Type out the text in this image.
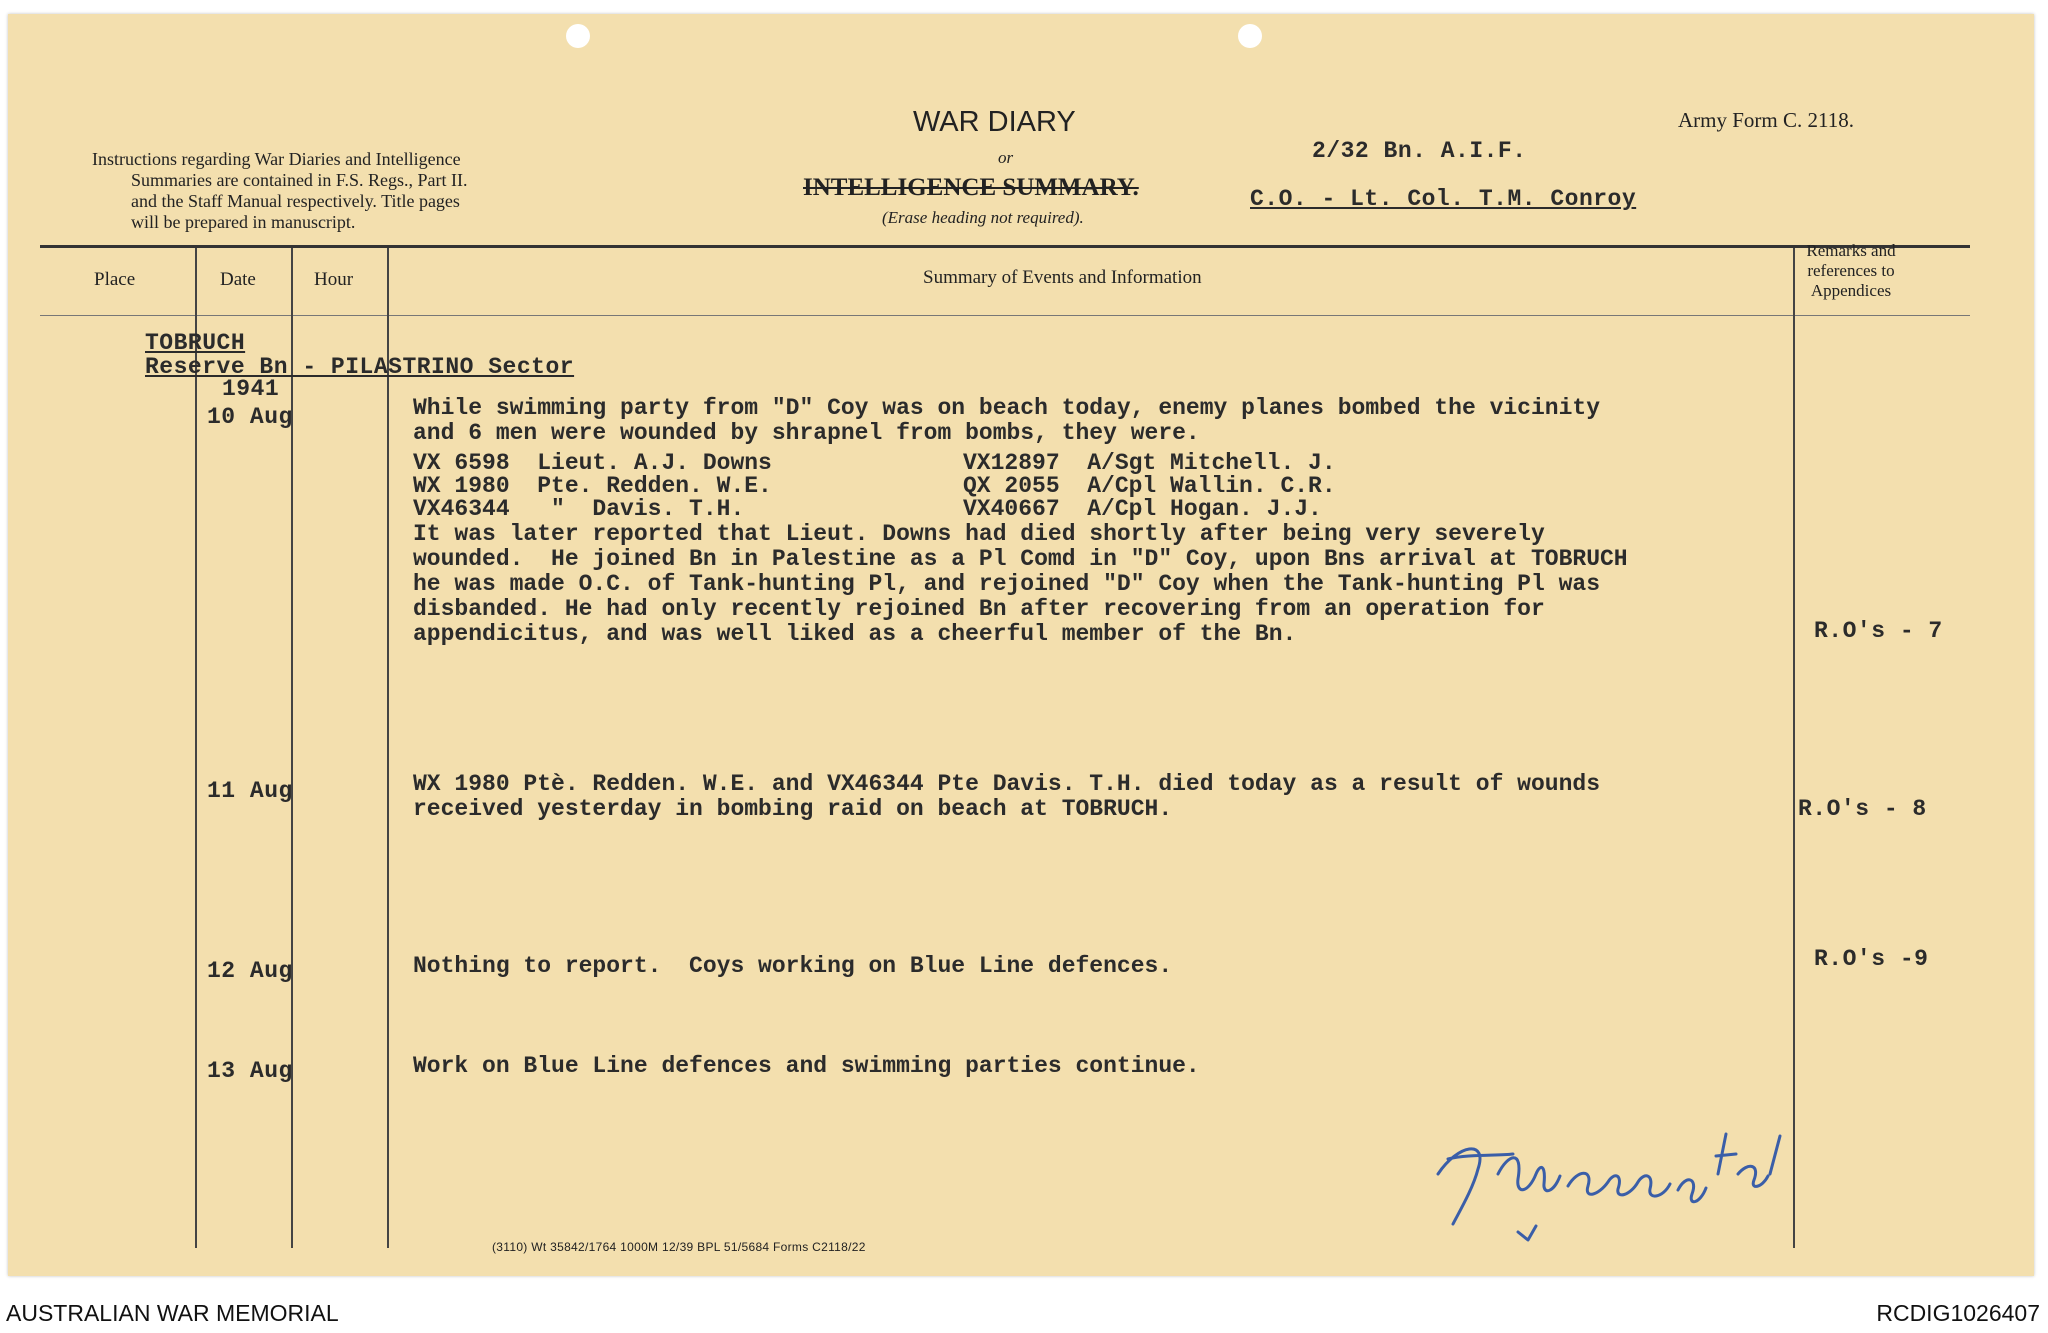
Instructions regarding War Diaries and Intelligence
Summaries are contained in F.S. Regs., Part II.
and the Staff Manual respectively. Title pages
will be prepared in manuscript.
WAR DIARY
or
INTELLIGENCE SUMMARY.
(Erase heading not required).
Army Form C. 2118.
2/32 Bn. A.I.F.
C.O. - Lt. Col. T.M. Conroy
Place	Date	Hour	Summary of Events and Information
Remarks and
references to
Appendices
TOBRUCH
Reserve Bn - PILASTRINO Sector
1941
10 Aug	While swimming party from "D" Coy was on beach today, enemy planes bombed the vicinity
and 6 men were wounded by shrapnel from bombs, they were.
VX 6598  Lieut. A.J. Downs	VX12897  A/Sgt Mitchell. J.
WX 1980  Pte. Redden. W.E.	QX 2055  A/Cpl Wallin. C.R.
VX46344   "  Davis. T.H.	VX40667  A/Cpl Hogan. J.J.
It was later reported that Lieut. Downs had died shortly after being very severely
wounded.  He joined Bn in Palestine as a Pl Comd in "D" Coy, upon Bns arrival at TOBRUCH
he was made O.C. of Tank-hunting Pl, and rejoined "D" Coy when the Tank-hunting Pl was
disbanded. He had only recently rejoined Bn after recovering from an operation for
appendicitus, and was well liked as a cheerful member of the Bn.	R.O's - 7
11 Aug	WX 1980 Ptè. Redden. W.E. and VX46344 Pte Davis. T.H. died today as a result of wounds
received yesterday in bombing raid on beach at TOBRUCH.	R.O's - 8
12 Aug	Nothing to report.  Coys working on Blue Line defences.	R.O's -9
13 Aug	Work on Blue Line defences and swimming parties continue.
(3110) Wt 35842/1764 1000M 12/39 BPL 51/5684 Forms C2118/22
AUSTRALIAN WAR MEMORIAL	RCDIG1026407
